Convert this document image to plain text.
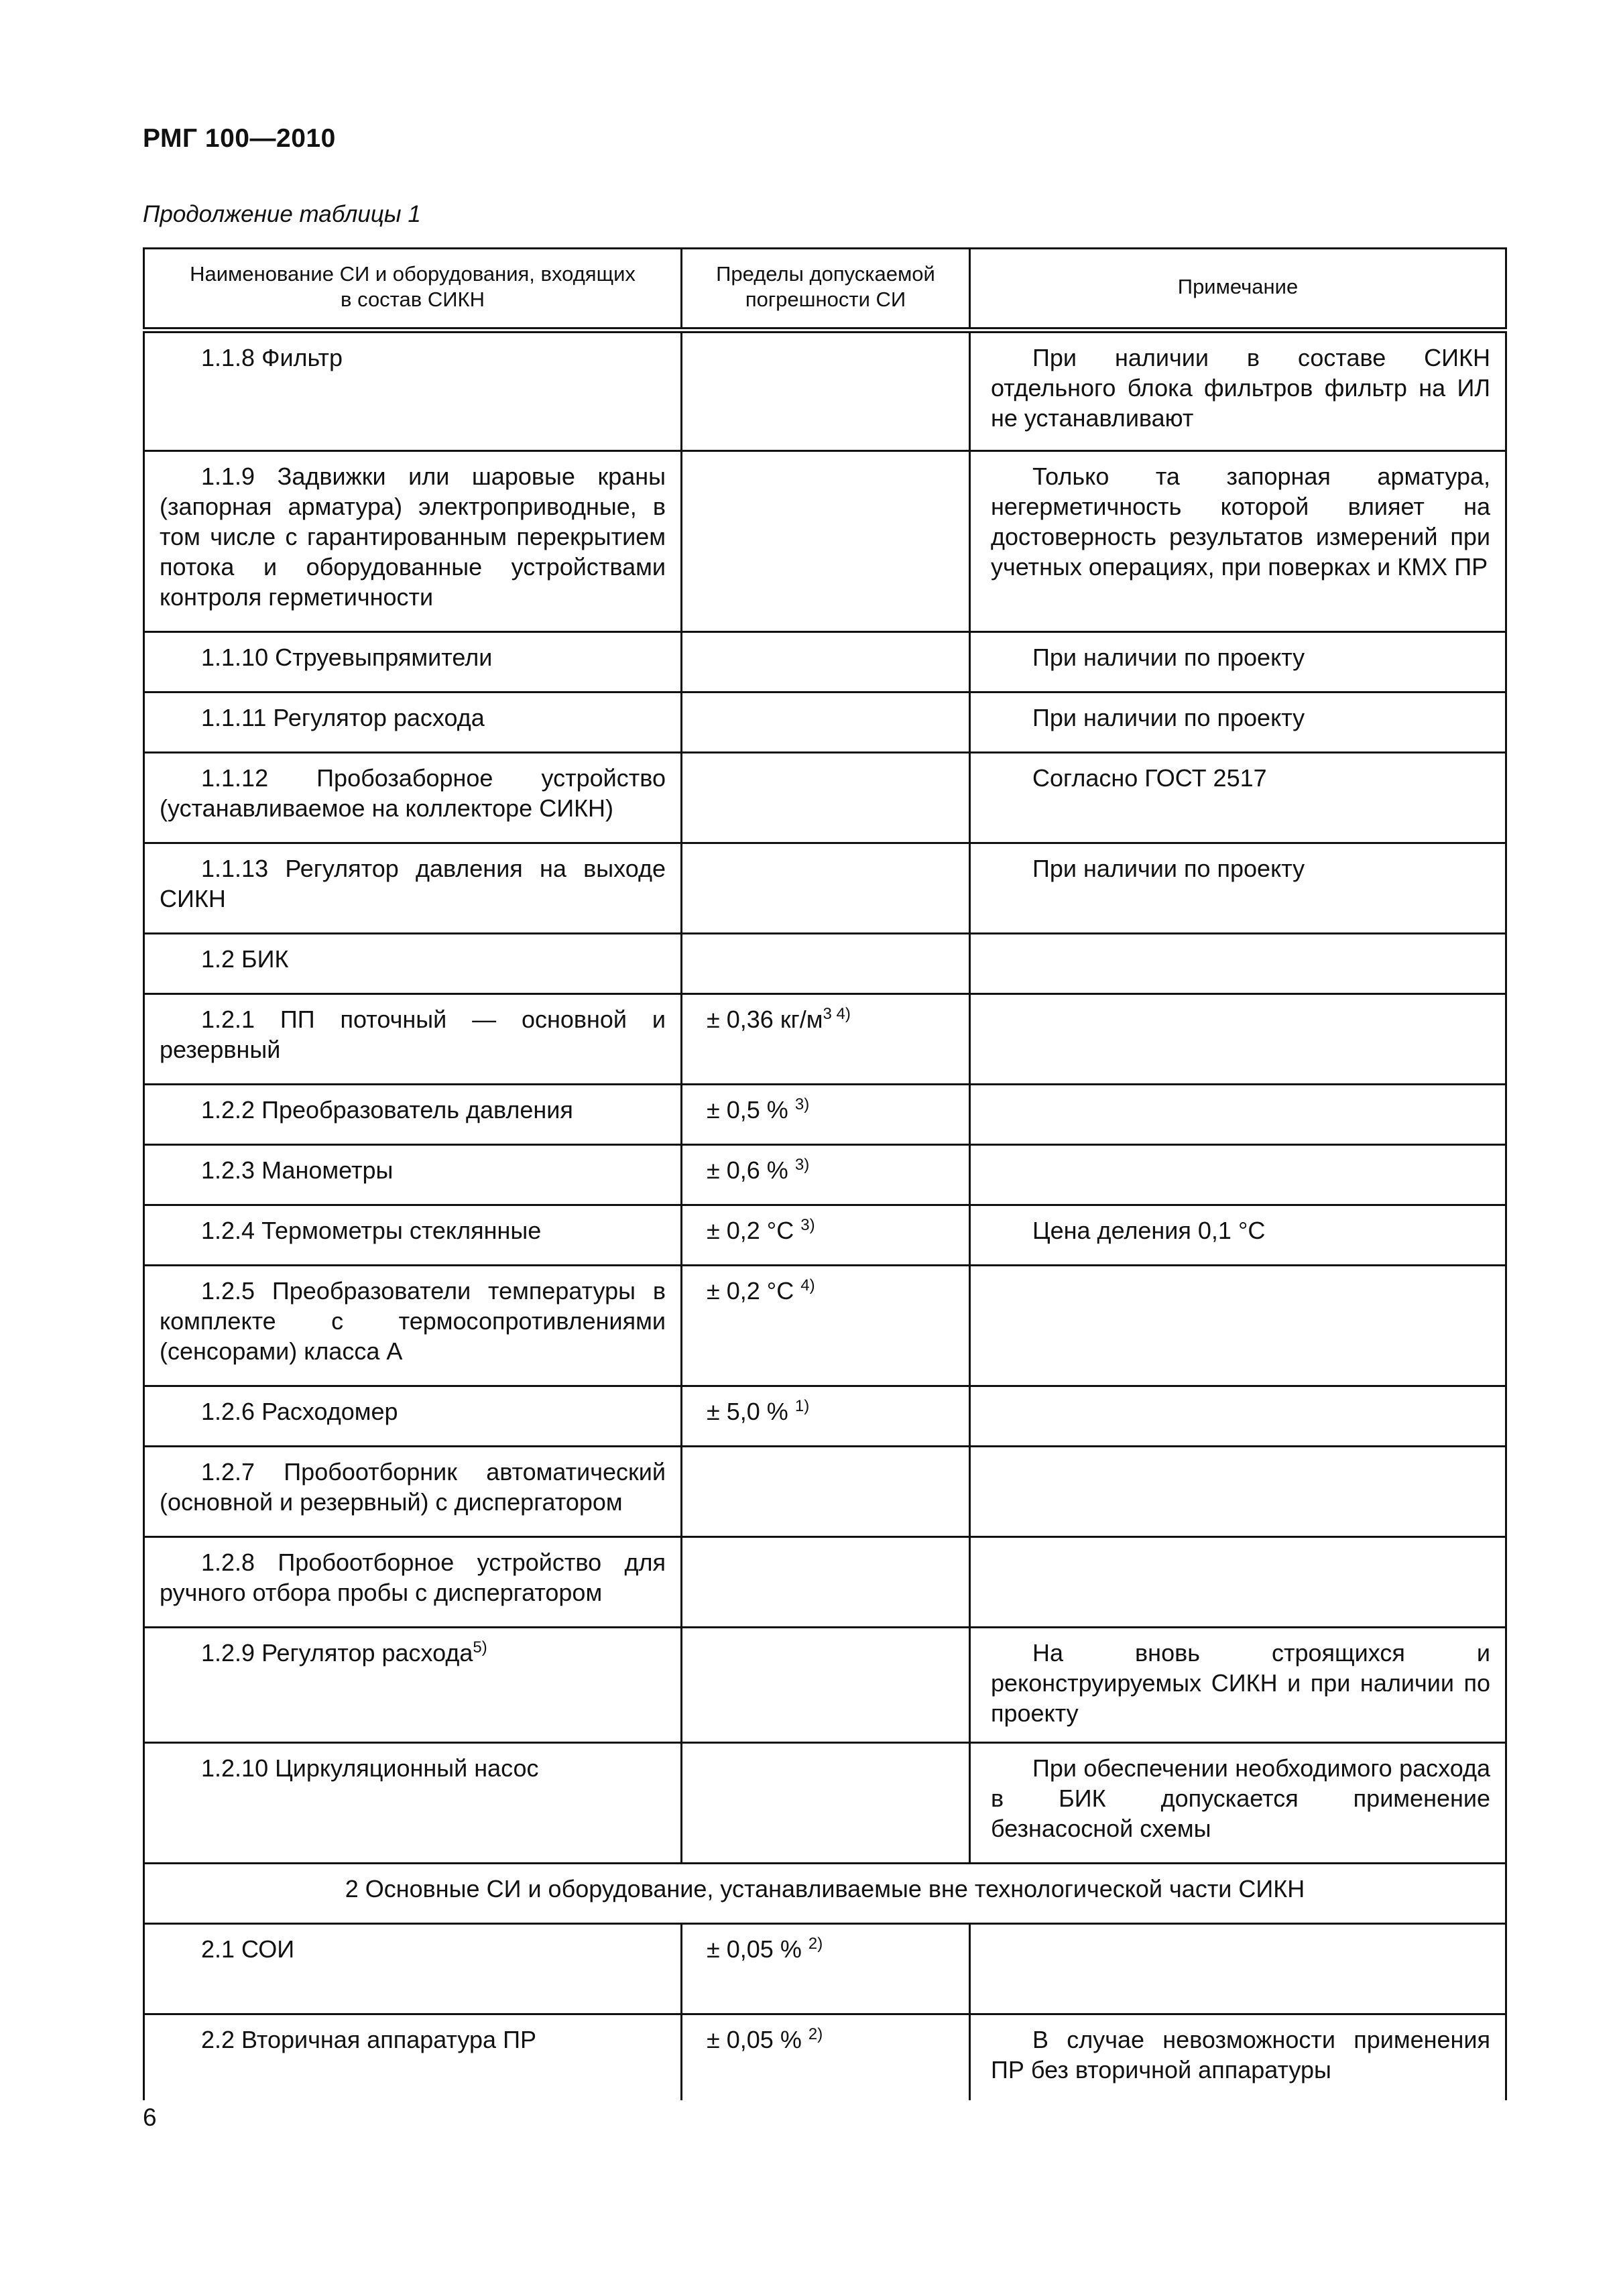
РМГ 100—2010
Продолжение таблицы 1
Наименование СИ и оборудования, входящих в состав СИКН	Пределы допускаемой погрешности СИ	Примечание
1.1.8 Фильтр		При наличии в составе СИКН отдельного блока фильтров фильтр на ИЛ не устанавливают
1.1.9 Задвижки или шаровые краны (запорная арматура) электроприводные, в том числе с гарантированным перекрытием потока и оборудованные устройствами контроля герметичности		Только та запорная арматура, негерметичность которой влияет на достоверность результатов измерений при учетных операциях, при поверках и КМХ ПР
1.1.10 Струевыпрямители		При наличии по проекту
1.1.11 Регулятор расхода		При наличии по проекту
1.1.12 Пробозаборное устройство (устанавливаемое на коллекторе СИКН)		Согласно ГОСТ 2517
1.1.13 Регулятор давления на выходе СИКН		При наличии по проекту
1.2 БИК		
1.2.1 ПП поточный — основной и резервный	± 0,36 $кг/м^{3 4)}$	
1.2.2 Преобразователь давления	± 0,5 % $^{3)}$	
1.2.3 Манометры	± 0,6 % $^{3)}$	
1.2.4 Термометры стеклянные	± 0,2 °С $^{3)}$	Цена деления 0,1 °С
1.2.5 Преобразователи температуры в комплекте с термосопротивлениями (сенсорами) класса А	± 0,2 °С $^{4)}$	
1.2.6 Расходомер	± 5,0 % $^{1)}$	
1.2.7 Пробоотборник автоматический (основной и резервный) с диспергатором		
1.2.8 Пробоотборное устройство для ручного отбора пробы с диспергатором		
1.2.9 Регулятор расхода$^{5)}$		На вновь строящихся и реконструируемых СИКН и при наличии по проекту
1.2.10 Циркуляционный насос		При обеспечении необходимого расхода в БИК допускается применение безнасосной схемы
2 Основные СИ и оборудование, устанавливаемые вне технологической части СИКН		
2.1 СОИ	± 0,05 % $^{2)}$	
2.2 Вторичная аппаратура ПР	± 0,05 % $^{2)}$	В случае невозможности применения ПР без вторичной аппаратуры
6
